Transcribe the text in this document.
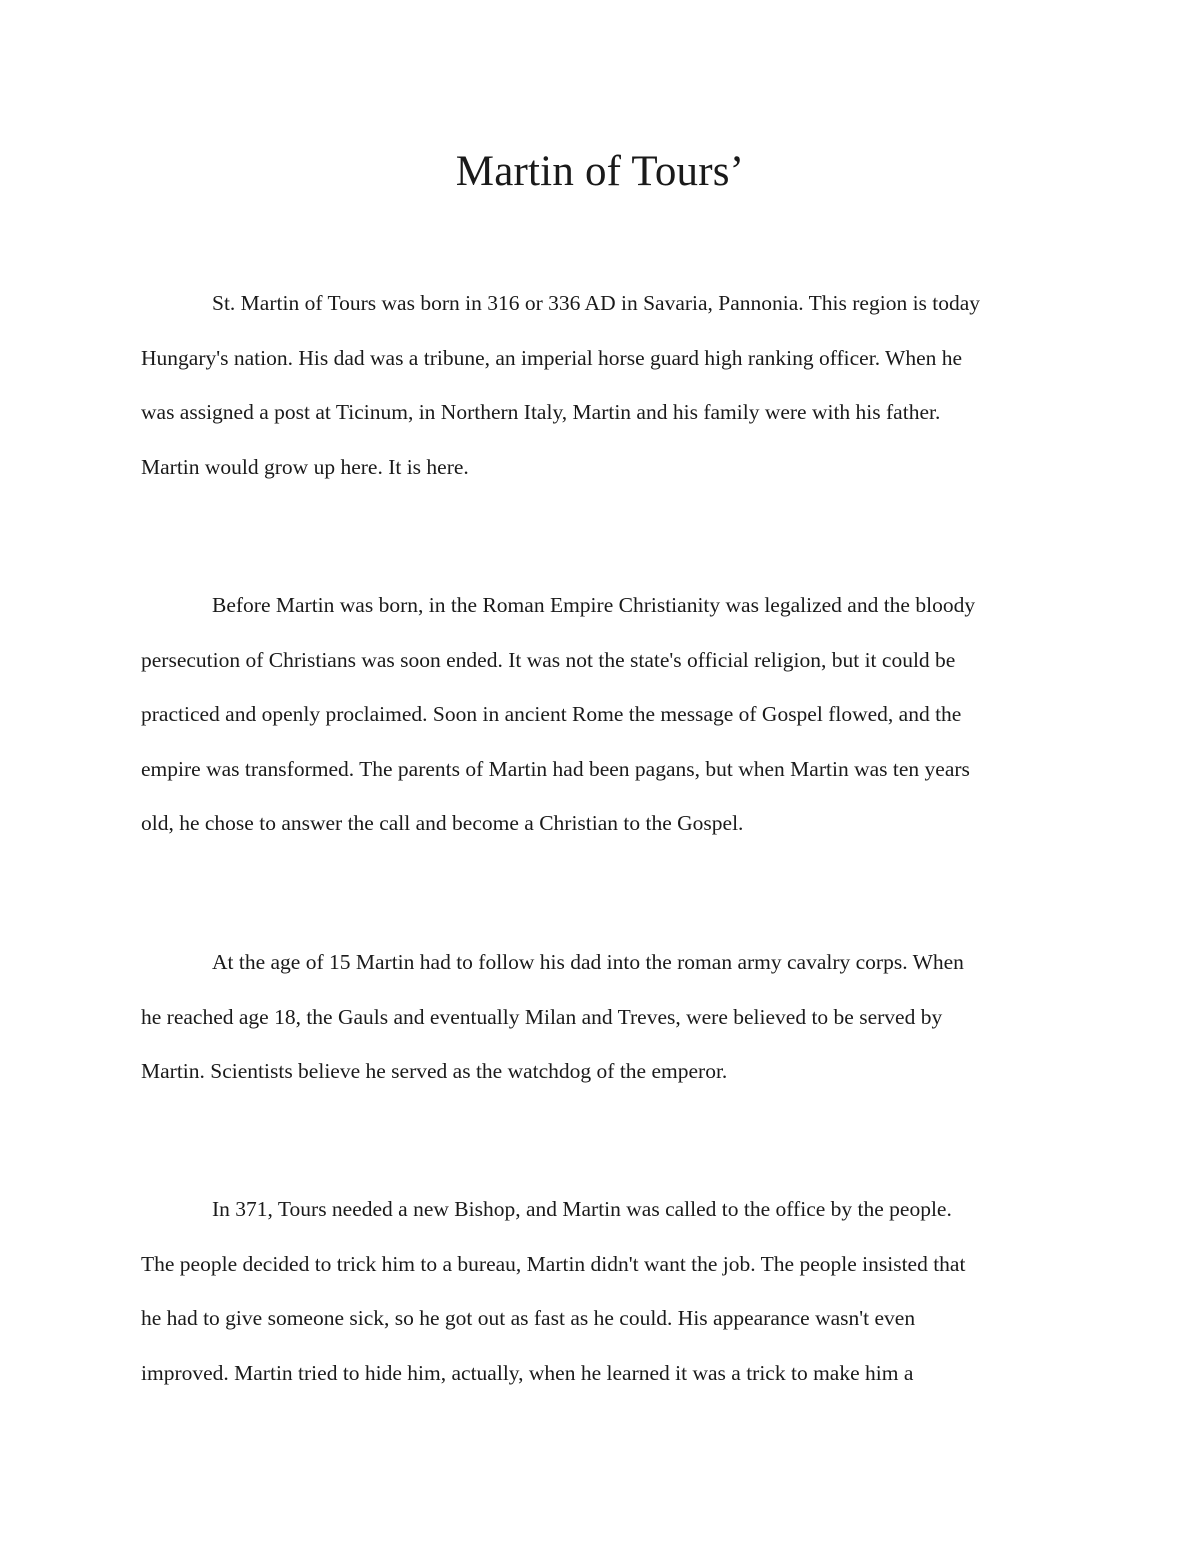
Martin of Tours’

St. Martin of Tours was born in 316 or 336 AD in Savaria, Pannonia. This region is today
Hungary's nation. His dad was a tribune, an imperial horse guard high ranking officer. When he
was assigned a post at Ticinum, in Northern Italy, Martin and his family were with his father.
Martin would grow up here. It is here.

Before Martin was born, in the Roman Empire Christianity was legalized and the bloody
persecution of Christians was soon ended. It was not the state's official religion, but it could be
practiced and openly proclaimed. Soon in ancient Rome the message of Gospel flowed, and the
empire was transformed. The parents of Martin had been pagans, but when Martin was ten years
old, he chose to answer the call and become a Christian to the Gospel.

At the age of 15 Martin had to follow his dad into the roman army cavalry corps. When
he reached age 18, the Gauls and eventually Milan and Treves, were believed to be served by
Martin. Scientists believe he served as the watchdog of the emperor.

In 371, Tours needed a new Bishop, and Martin was called to the office by the people.
The people decided to trick him to a bureau, Martin didn't want the job. The people insisted that
he had to give someone sick, so he got out as fast as he could. His appearance wasn't even
improved. Martin tried to hide him, actually, when he learned it was a trick to make him a
